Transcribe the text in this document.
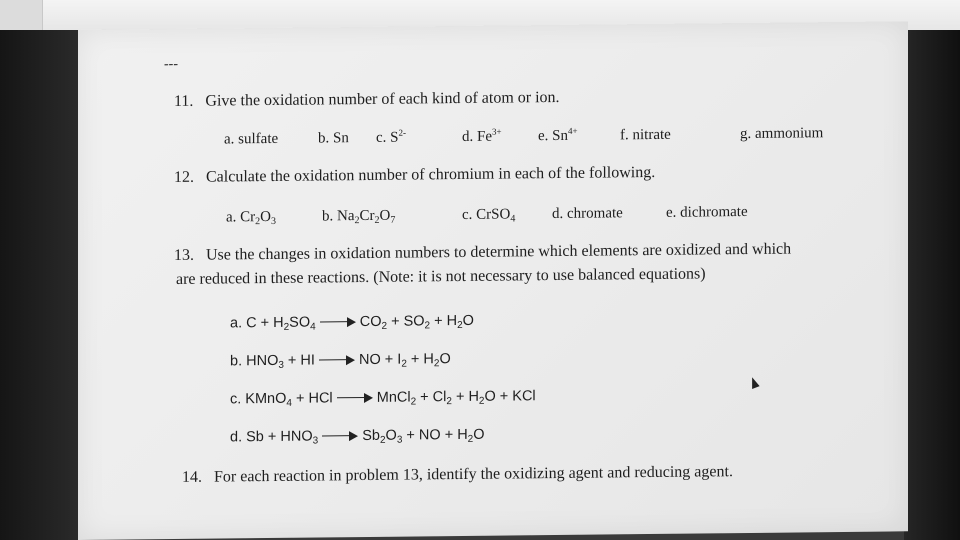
---
11. Give the oxidation number of each kind of atom or ion.
a. sulfate	b. Sn c. $S^{2-}$	d. $Fe^{3+}$ e. $Sn^{4+}$	f. nitrate	g. ammonium
12. Calculate the oxidation number of chromium in each of the following.
a. $Cr_2O_3$	b. $Na_2Cr_2O_7$	c. CrSO$_4$ d. chromate	e. dichromate
13. Use the changes in oxidation numbers to determine which elements are oxidized and which
are reduced in these reactions. (Note: it is not necessary to use balanced equations)
a. $C + H_2SO_4$	$CO_2 + SO_2 + H_2O$
b. $HNO_3$ + HI	NO + $I_2 + H_2O$
c. KMnO$_4$ + HCl	MnCl$_2$ + $Cl_2 + H_2O$ + KCl
d. $Sb + HNO_3$	$Sb_2O_3$ + NO + $H_2O$
14. For each reaction in problem 13, identify the oxidizing agent and reducing agent.
